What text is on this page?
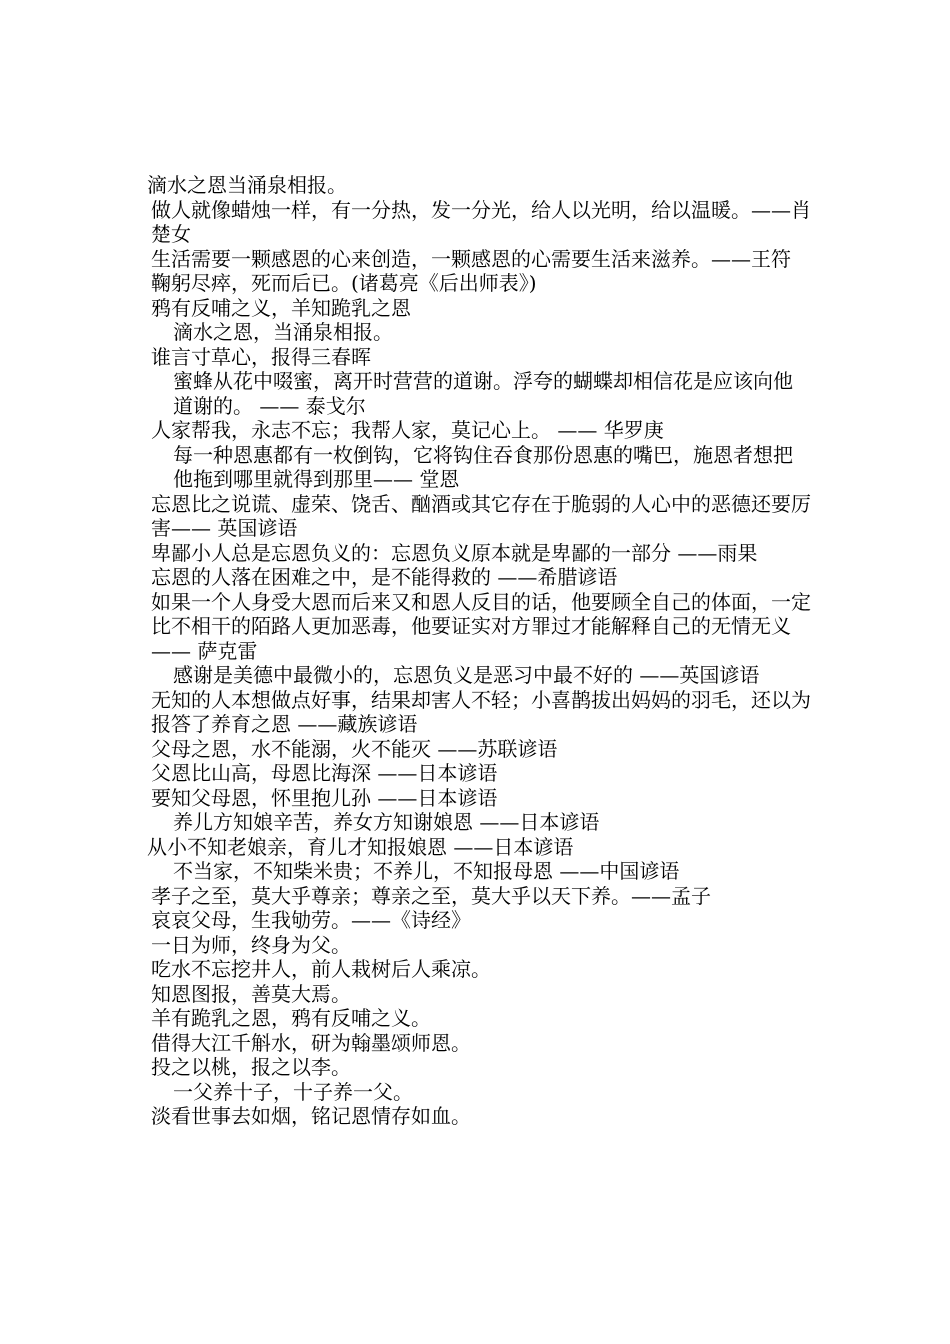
滴水之恩当涌泉相报。

做人就像蜡烛一样，有一分热，发一分光，给人以光明，给以温暖。——肖楚女

生活需要一颗感恩的心来创造，一颗感恩的心需要生活来滋养。——王符

鞠躬尽瘁，死而后已。(诸葛亮《后出师表》)

鸦有反哺之义，羊知跪乳之恩

滴水之恩，当涌泉相报。

谁言寸草心，报得三春晖

蜜蜂从花中啜蜜，离开时营营的道谢。浮夸的蝴蝶却相信花是应该向他道谢的。 —— 泰戈尔

人家帮我，永志不忘；我帮人家，莫记心上。 —— 华罗庚

每一种恩惠都有一枚倒钩，它将钩住吞食那份恩惠的嘴巴，施恩者想把他拖到哪里就得到那里—— 堂恩

忘恩比之说谎、虚荣、饶舌、酗酒或其它存在于脆弱的人心中的恶德还要厉害—— 英国谚语

卑鄙小人总是忘恩负义的：忘恩负义原本就是卑鄙的一部分 ——雨果

忘恩的人落在困难之中，是不能得救的 ——希腊谚语

如果一个人身受大恩而后来又和恩人反目的话，他要顾全自己的体面，一定比不相干的陌路人更加恶毒，他要证实对方罪过才能解释自己的无情无义—— 萨克雷

感谢是美德中最微小的，忘恩负义是恶习中最不好的 ——英国谚语

无知的人本想做点好事，结果却害人不轻；小喜鹊拔出妈妈的羽毛，还以为报答了养育之恩 ——藏族谚语

父母之恩，水不能溺，火不能灭 ——苏联谚语

父恩比山高，母恩比海深 ——日本谚语

要知父母恩，怀里抱儿孙 ——日本谚语

养儿方知娘辛苦，养女方知谢娘恩 ——日本谚语

从小不知老娘亲，育儿才知报娘恩 ——日本谚语

不当家，不知柴米贵；不养儿，不知报母恩 ——中国谚语

孝子之至，莫大乎尊亲；尊亲之至，莫大乎以天下养。——孟子

哀哀父母，生我劬劳。——《诗经》

一日为师，终身为父。

吃水不忘挖井人，前人栽树后人乘凉。

知恩图报，善莫大焉。

羊有跪乳之恩，鸦有反哺之义。

借得大江千斛水，研为翰墨颂师恩。

投之以桃，报之以李。

一父养十子，十子养一父。

淡看世事去如烟，铭记恩情存如血。
